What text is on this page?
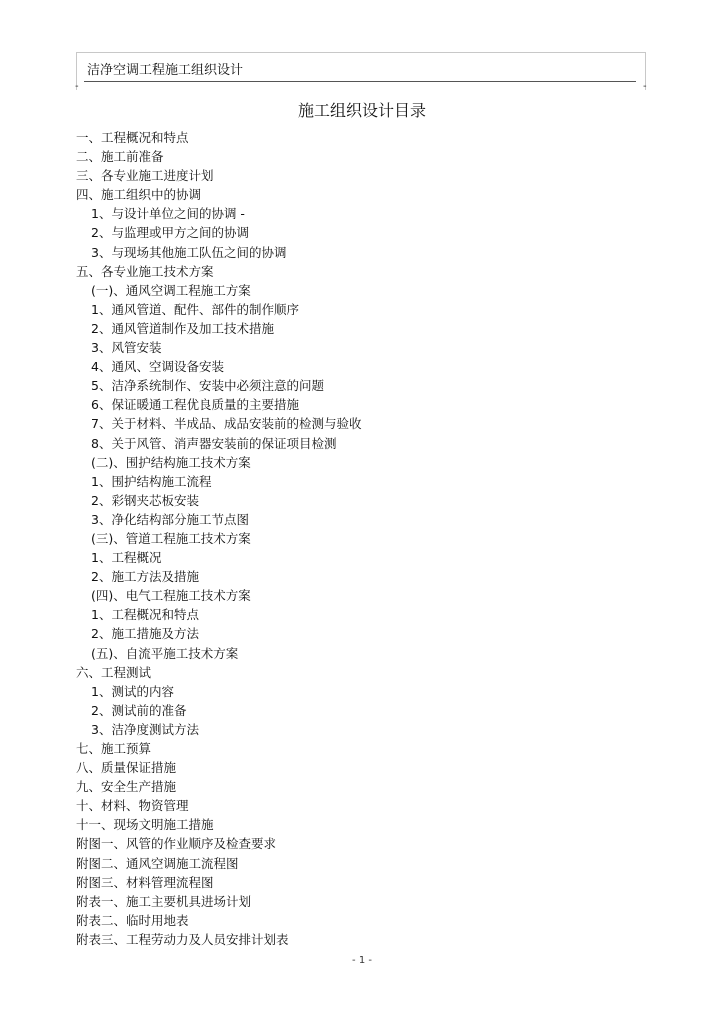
洁净空调工程施工组织设计
-	-
施工组织设计目录
一、工程概况和特点
二、施工前准备
三、各专业施工进度计划
四、施工组织中的协调
1、与设计单位之间的协调 -
2、与监理或甲方之间的协调
3、与现场其他施工队伍之间的协调
五、各专业施工技术方案
(一)、通风空调工程施工方案
1、通风管道、配件、部件的制作顺序
2、通风管道制作及加工技术措施
3、风管安装
4、通风、空调设备安装
5、洁净系统制作、安装中必须注意的问题
6、保证暖通工程优良质量的主要措施
7、关于材料、半成品、成品安装前的检测与验收
8、关于风管、消声器安装前的保证项目检测
(二)、围护结构施工技术方案
1、围护结构施工流程
2、彩钢夹芯板安装
3、净化结构部分施工节点图
(三)、管道工程施工技术方案
1、工程概况
2、施工方法及措施
(四)、电气工程施工技术方案
1、工程概况和特点
2、施工措施及方法
(五)、自流平施工技术方案
六、工程测试
1、测试的内容
2、测试前的准备
3、洁净度测试方法
七、施工预算
八、质量保证措施
九、安全生产措施
十、材料、物资管理
十一、现场文明施工措施
附图一、风管的作业顺序及检查要求
附图二、通风空调施工流程图
附图三、材料管理流程图
附表一、施工主要机具进场计划
附表二、临时用地表
附表三、工程劳动力及人员安排计划表
- 1 -
